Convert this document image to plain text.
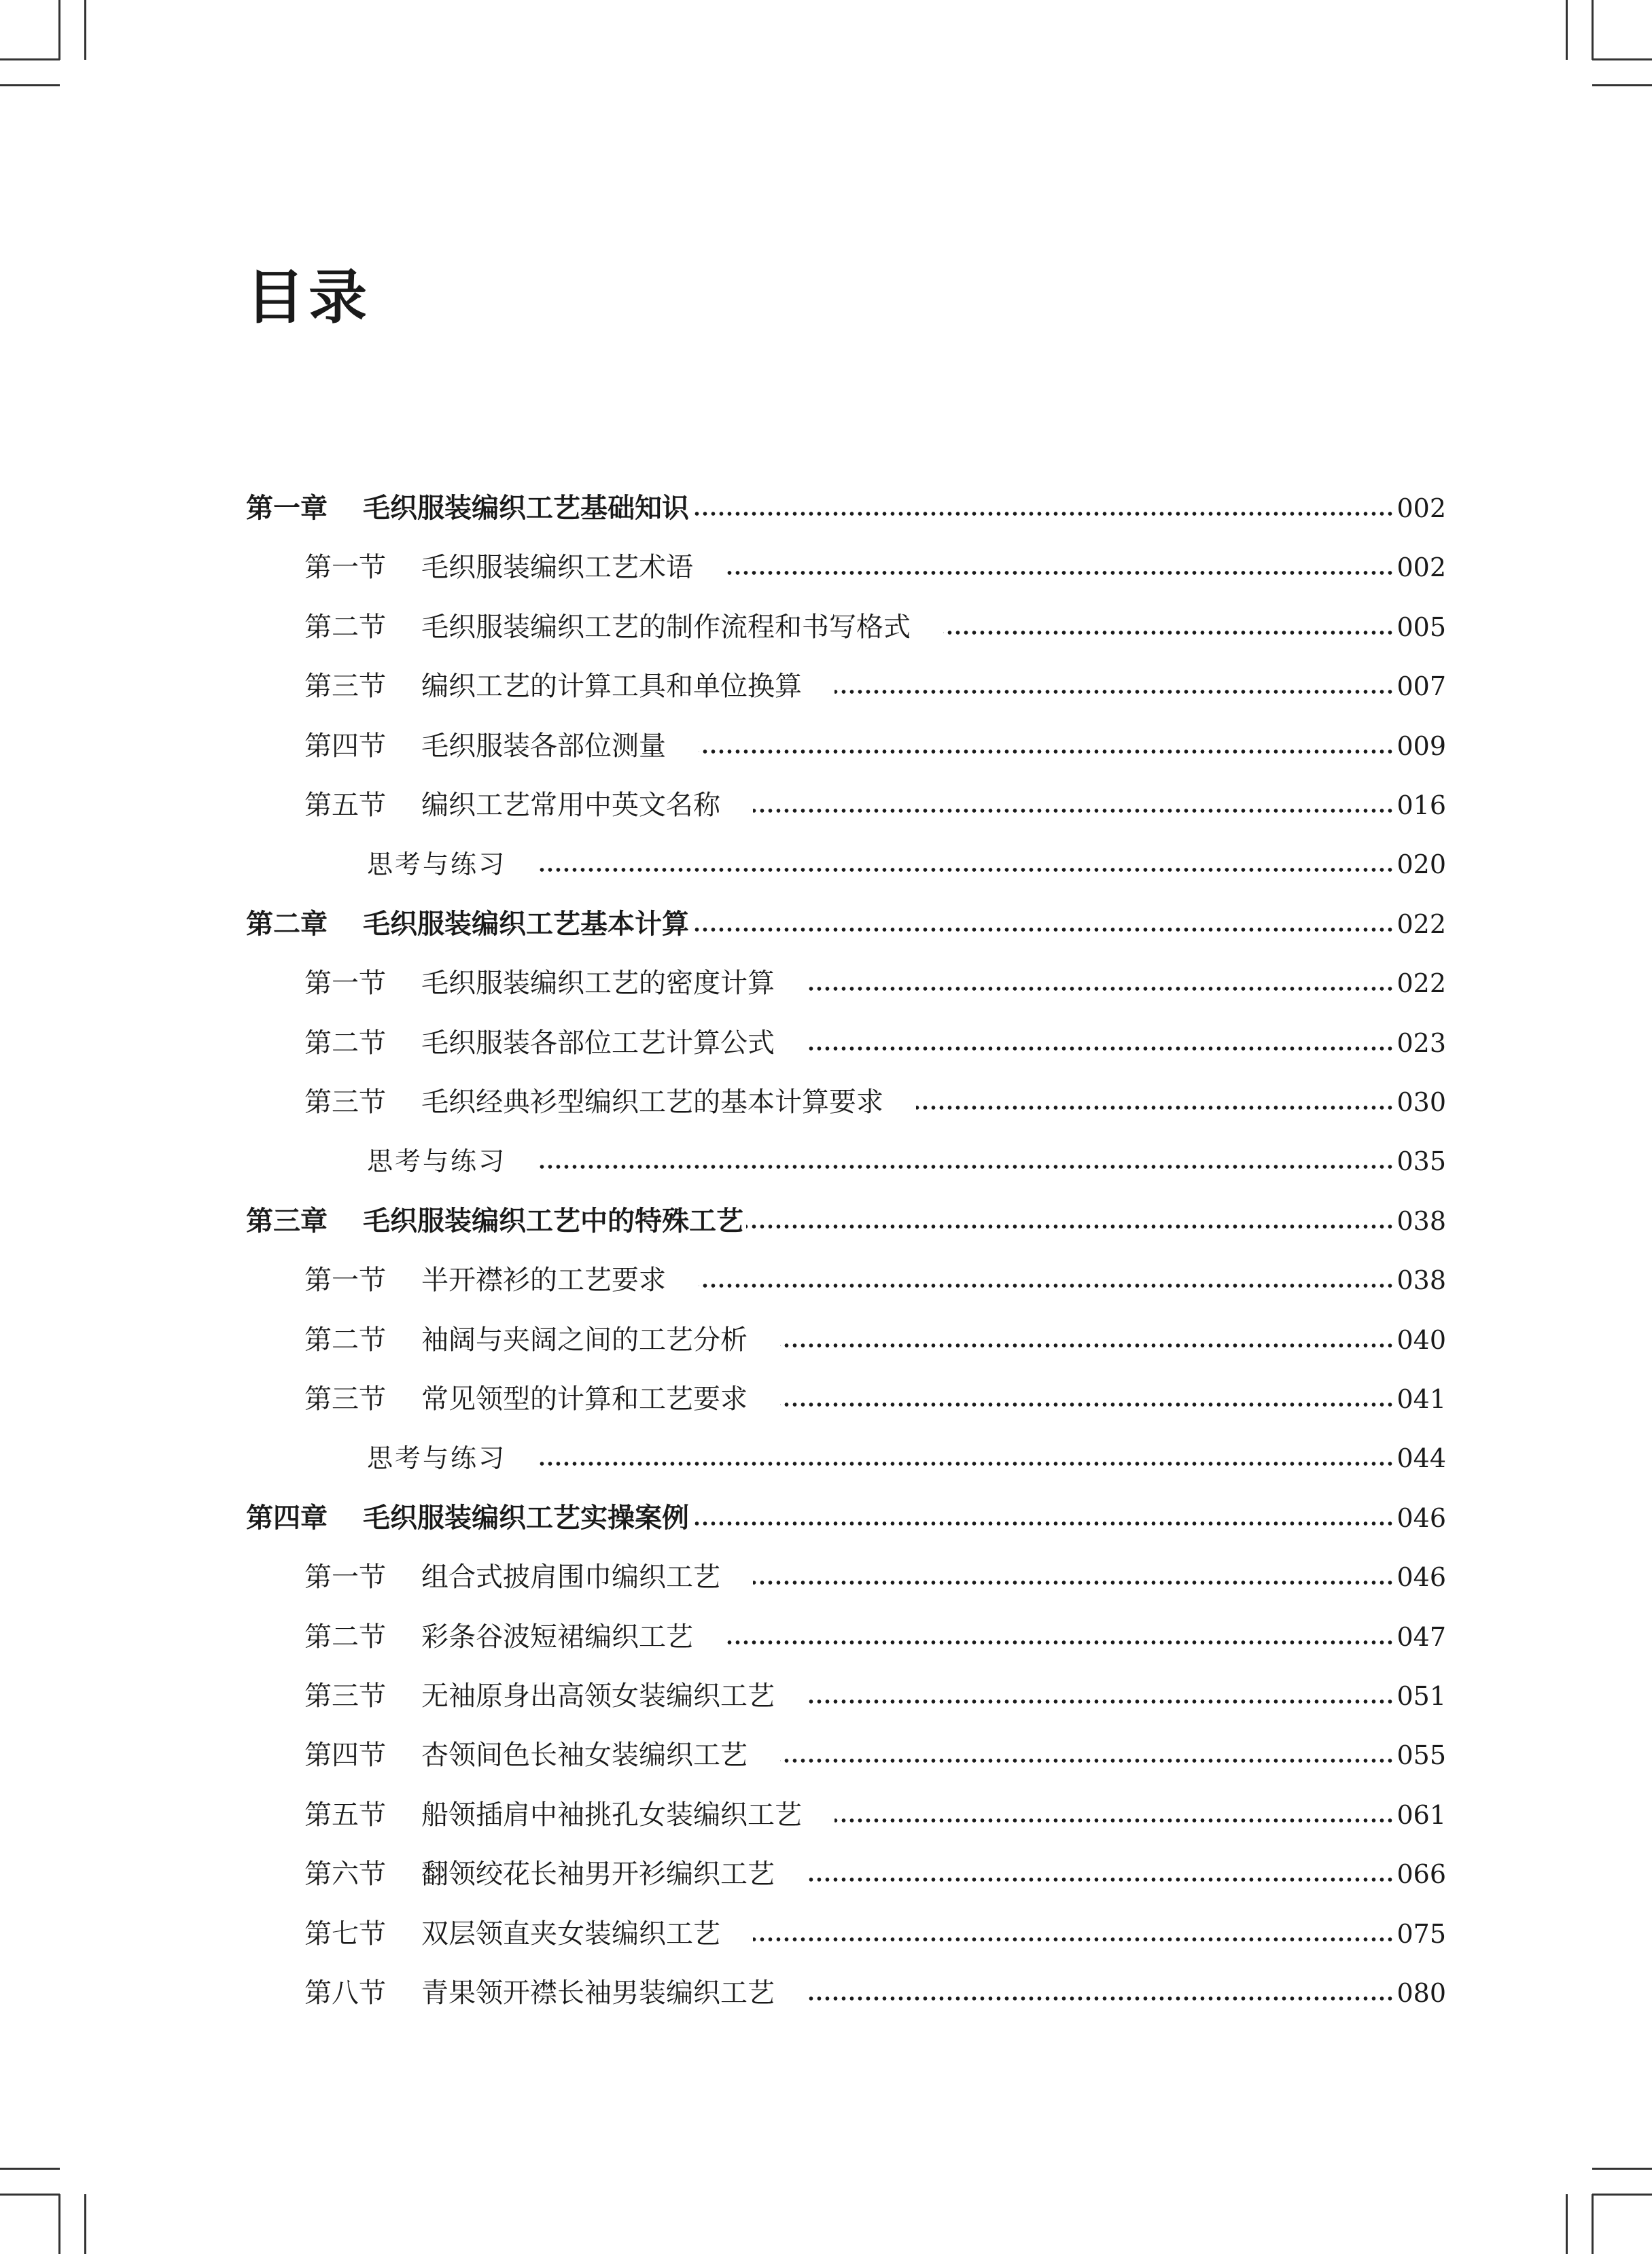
目录
第一章 毛织服装编织工艺基础知识	002
第一节 毛织服装编织工艺术语	002
第二节 毛织服装编织工艺的制作流程和书写格式	005
第三节 编织工艺的计算工具和单位换算	007
第四节 毛织服装各部位测量	009
第五节 编织工艺常用中英文名称	016
思考与练习	020
第二章 毛织服装编织工艺基本计算	022
第一节 毛织服装编织工艺的密度计算	022
第二节 毛织服装各部位工艺计算公式	023
第三节 毛织经典衫型编织工艺的基本计算要求	030
思考与练习	035
第三章 毛织服装编织工艺中的特殊工艺	038
第一节 半开襟衫的工艺要求	038
第二节 袖阔与夹阔之间的工艺分析	040
第三节 常见领型的计算和工艺要求	041
思考与练习	044
第四章 毛织服装编织工艺实操案例	046
第一节 组合式披肩围巾编织工艺	046
第二节 彩条谷波短裙编织工艺	047
第三节 无袖原身出高领女装编织工艺	051
第四节 杏领间色长袖女装编织工艺	055
第五节 船领插肩中袖挑孔女装编织工艺	061
第六节 翻领绞花长袖男开衫编织工艺	066
第七节 双层领直夹女装编织工艺	075
第八节 青果领开襟长袖男装编织工艺	080
